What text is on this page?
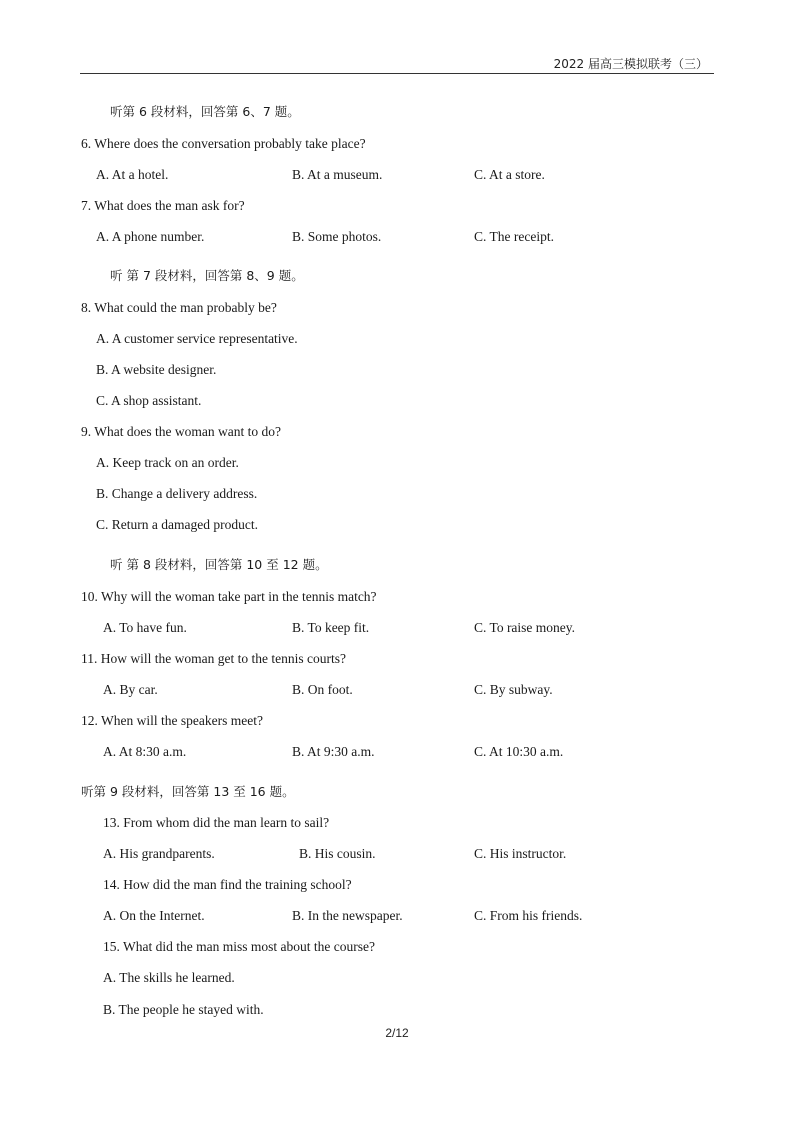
2022 届高三模拟联考（三）
听第 6 段材料，回答第 6、7 题。
6. Where does the conversation probably take place?
A. At a hotel.	B. At a museum.	C. At a store.
7. What does the man ask for?
A. A phone number.	B. Some photos.	C. The receipt.
听 第 7 段材料，回答第 8、9 题。
8. What could the man probably be?
A. A customer service representative.
B. A website designer.
C. A shop assistant.
9. What does the woman want to do?
A. Keep track on an order.
B. Change a delivery address.
C. Return a damaged product.
听 第 8 段材料，回答第 10 至 12 题。
10. Why will the woman take part in the tennis match?
A. To have fun.	B. To keep fit.	C. To raise money.
11. How will the woman get to the tennis courts?
A. By car.	B. On foot.	C. By subway.
12. When will the speakers meet?
A. At 8:30 a.m.	B. At 9:30 a.m.	C. At 10:30 a.m.
听第 9 段材料，回答第 13 至 16 题。
13. From whom did the man learn to sail?
A. His grandparents.	B. His cousin.	C. His instructor.
14. How did the man find the training school?
A. On the Internet.	B. In the newspaper.	C. From his friends.
15. What did the man miss most about the course?
A. The skills he learned.
B. The people he stayed with.
2/12
